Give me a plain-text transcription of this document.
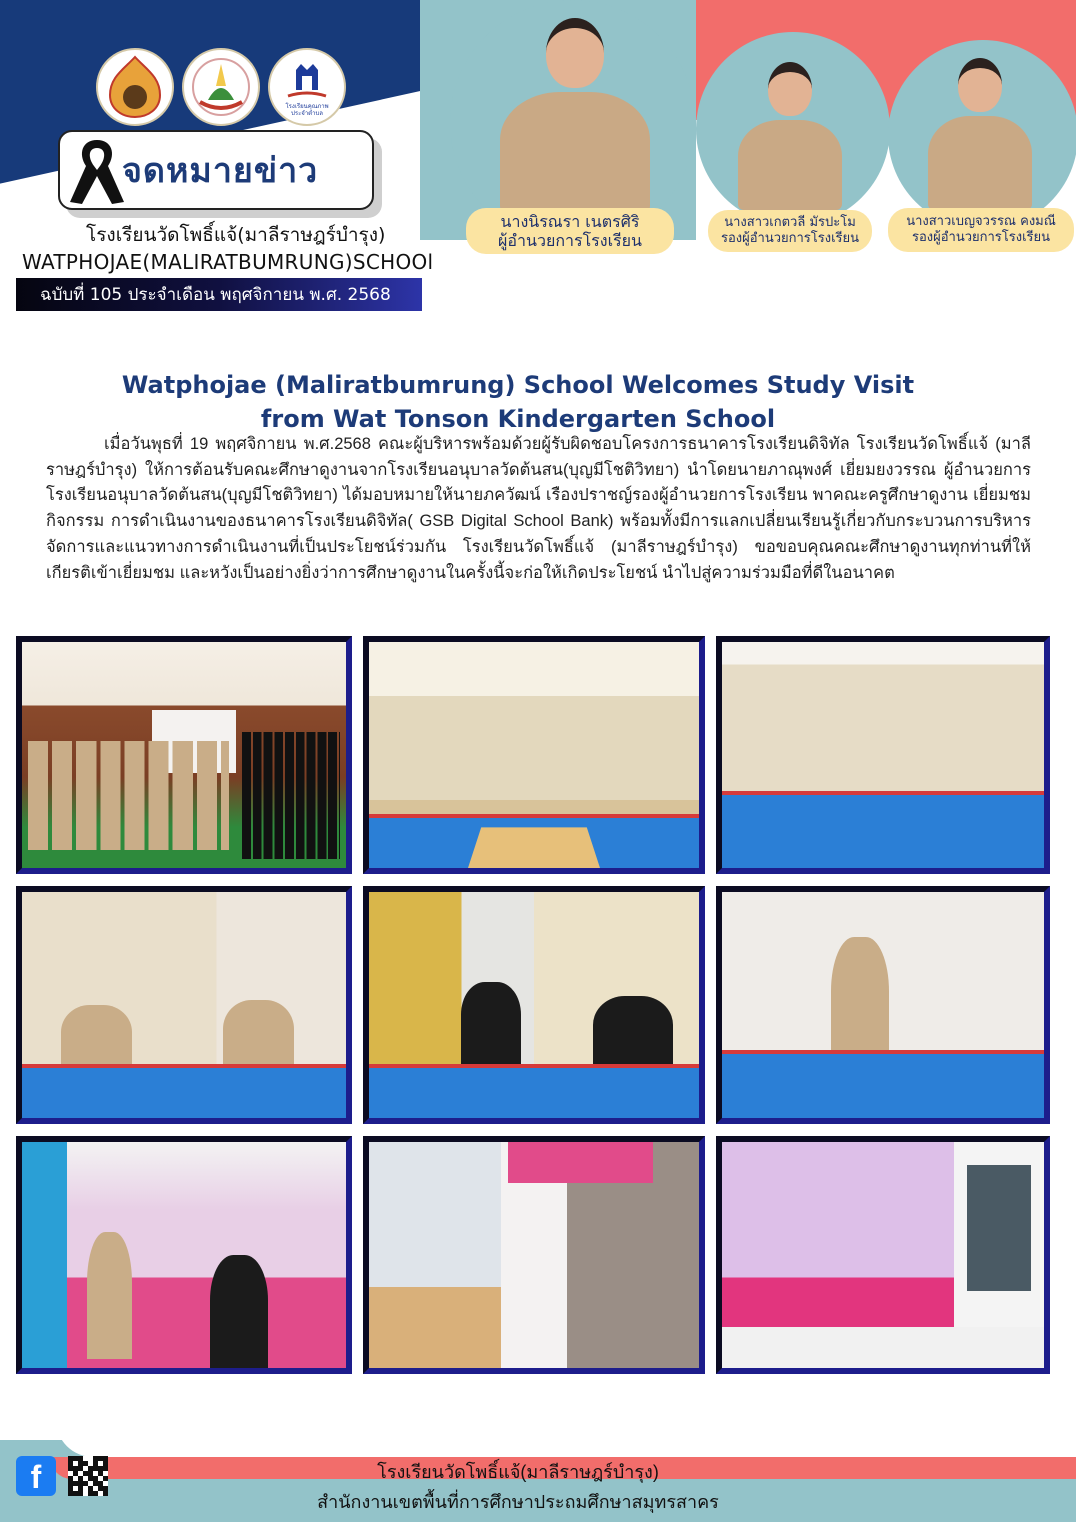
นางนิรณรา เนตรศิริ
ผู้อำนวยการโรงเรียน
นางสาวเกตวลี มัรปะโม
รองผู้อำนวยการโรงเรียน
นางสาวเบญจวรรณ คงมณี
รองผู้อำนวยการโรงเรียน
โรงเรียนคุณภาพ
ประจำตำบล
จดหมายข่าว
โรงเรียนวัดโพธิ์แจ้(มาลีราษฎร์บำรุง)
WATPHOJAE(MALIRATBUMRUNG)SCHOOl
ฉบับที่ 105 ประจำเดือน พฤศจิกายน พ.ศ. 2568
Watphojae (Maliratbumrung) School Welcomes Study Visit
from Wat Tonson Kindergarten School

เมื่อวันพุธที่ 19 พฤศจิกายน พ.ศ.2568 คณะผู้บริหารพร้อมด้วยผู้รับผิดชอบโครงการธนาคารโรงเรียนดิจิทัล โรงเรียนวัดโพธิ์แจ้ (มาลีราษฎร์บำรุง) ให้การต้อนรับคณะศึกษาดูงานจากโรงเรียนอนุบาลวัดต้นสน(บุญมีโชติวิทยา) นำโดยนายภาณุพงศ์ เยี่ยมยงวรรณ ผู้อำนวยการโรงเรียนอนุบาลวัดต้นสน(บุญมีโชติวิทยา) ได้มอบหมายให้นายภควัฒน์ เรืองปราชญ์รองผู้อำนวยการโรงเรียน พาคณะครูศึกษาดูงาน เยี่ยมชมกิจกรรม การดำเนินงานของธนาคารโรงเรียนดิจิทัล( GSB Digital School Bank) พร้อมทั้งมีการแลกเปลี่ยนเรียนรู้เกี่ยวกับกระบวนการบริหารจัดการและแนวทางการดำเนินงานที่เป็นประโยชน์ร่วมกัน โรงเรียนวัดโพธิ์แจ้ (มาลีราษฎร์บำรุง) ขอขอบคุณคณะศึกษาดูงานทุกท่านที่ให้เกียรติเข้าเยี่ยมชม และหวังเป็นอย่างยิ่งว่าการศึกษาดูงานในครั้งนี้จะก่อให้เกิดประโยชน์ นำไปสู่ความร่วมมือที่ดีในอนาคต

f	โรงเรียนวัดโพธิ์แจ้(มาลีราษฎร์บำรุง)
สำนักงานเขตพื้นที่การศึกษาประถมศึกษาสมุทรสาคร
